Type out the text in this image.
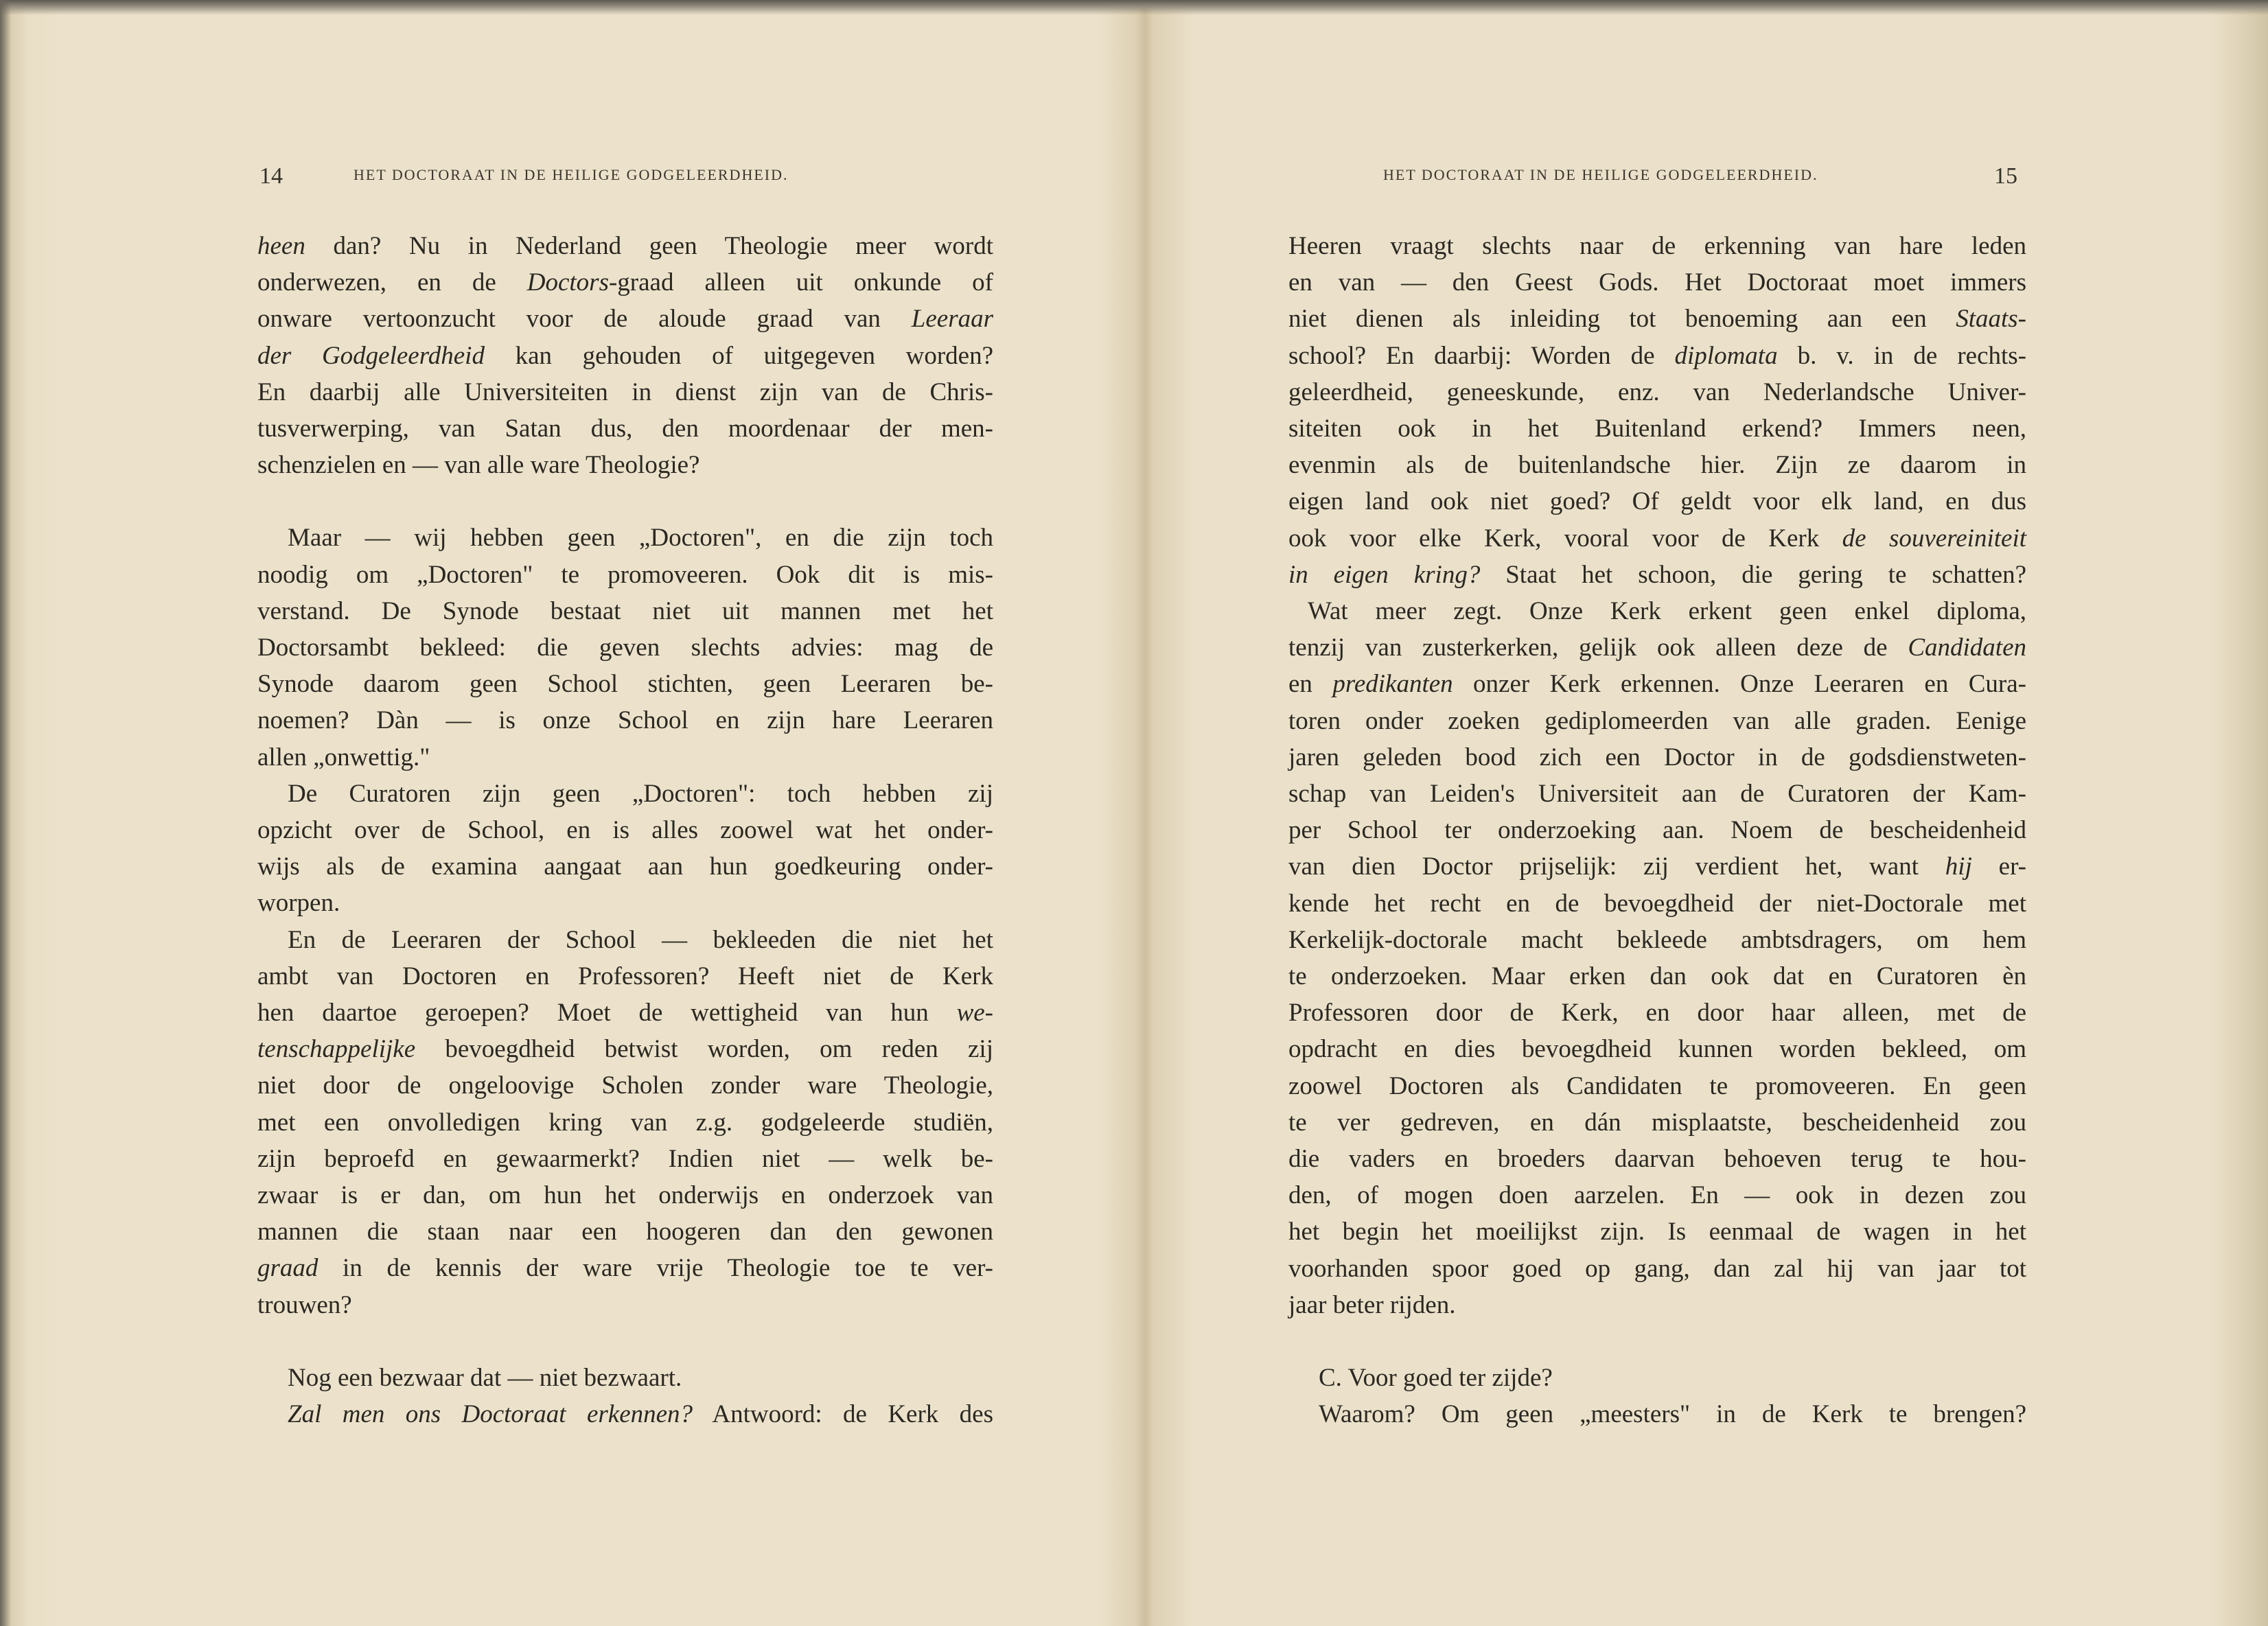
14	HET DOCTORAAT IN DE HEILIGE GODGELEERDHEID.
heen dan? Nu in Nederland geen Theologie meer wordt
onderwezen, en de Doctors-graad alleen uit onkunde of
onware vertoonzucht voor de aloude graad van Leeraar
der Godgeleerdheid kan gehouden of uitgegeven worden?
En daarbij alle Universiteiten in dienst zijn van de Chris-
tusverwerping, van Satan dus, den moordenaar der men-
schenzielen en — van alle ware Theologie?
Maar — wij hebben geen „Doctoren", en die zijn toch
noodig om „Doctoren" te promoveeren. Ook dit is mis-
verstand. De Synode bestaat niet uit mannen met het
Doctorsambt bekleed: die geven slechts advies: mag de
Synode daarom geen School stichten, geen Leeraren be-
noemen? Dàn — is onze School en zijn hare Leeraren
allen „onwettig."
De Curatoren zijn geen „Doctoren": toch hebben zij
opzicht over de School, en is alles zoowel wat het onder-
wijs als de examina aangaat aan hun goedkeuring onder-
worpen.
En de Leeraren der School — bekleeden die niet het
ambt van Doctoren en Professoren? Heeft niet de Kerk
hen daartoe geroepen? Moet de wettigheid van hun we-
tenschappelijke bevoegdheid betwist worden, om reden zij
niet door de ongeloovige Scholen zonder ware Theologie,
met een onvolledigen kring van z.g. godgeleerde studiën,
zijn beproefd en gewaarmerkt? Indien niet — welk be-
zwaar is er dan, om hun het onderwijs en onderzoek van
mannen die staan naar een hoogeren dan den gewonen
graad in de kennis der ware vrije Theologie toe te ver-
trouwen?
Nog een bezwaar dat — niet bezwaart.
Zal men ons Doctoraat erkennen? Antwoord: de Kerk des
HET DOCTORAAT IN DE HEILIGE GODGELEERDHEID.	15
Heeren vraagt slechts naar de erkenning van hare leden
en van — den Geest Gods. Het Doctoraat moet immers
niet dienen als inleiding tot benoeming aan een Staats-
school? En daarbij: Worden de diplomata b. v. in de rechts-
geleerdheid, geneeskunde, enz. van Nederlandsche Univer-
siteiten ook in het Buitenland erkend? Immers neen,
evenmin als de buitenlandsche hier. Zijn ze daarom in
eigen land ook niet goed? Of geldt voor elk land, en dus
ook voor elke Kerk, vooral voor de Kerk de souvereiniteit
in eigen kring? Staat het schoon, die gering te schatten?
Wat meer zegt. Onze Kerk erkent geen enkel diploma,
tenzij van zusterkerken, gelijk ook alleen deze de Candidaten
en predikanten onzer Kerk erkennen. Onze Leeraren en Cura-
toren onder zoeken gediplomeerden van alle graden. Eenige
jaren geleden bood zich een Doctor in de godsdienstweten-
schap van Leiden's Universiteit aan de Curatoren der Kam-
per School ter onderzoeking aan. Noem de bescheidenheid
van dien Doctor prijselijk: zij verdient het, want hij er-
kende het recht en de bevoegdheid der niet-Doctorale met
Kerkelijk-doctorale macht bekleede ambtsdragers, om hem
te onderzoeken. Maar erken dan ook dat en Curatoren èn
Professoren door de Kerk, en door haar alleen, met de
opdracht en dies bevoegdheid kunnen worden bekleed, om
zoowel Doctoren als Candidaten te promoveeren. En geen
te ver gedreven, en dán misplaatste, bescheidenheid zou
die vaders en broeders daarvan behoeven terug te hou-
den, of mogen doen aarzelen. En — ook in dezen zou
het begin het moeilijkst zijn. Is eenmaal de wagen in het
voorhanden spoor goed op gang, dan zal hij van jaar tot
jaar beter rijden.
C. Voor goed ter zijde?
Waarom? Om geen „meesters" in de Kerk te brengen?
